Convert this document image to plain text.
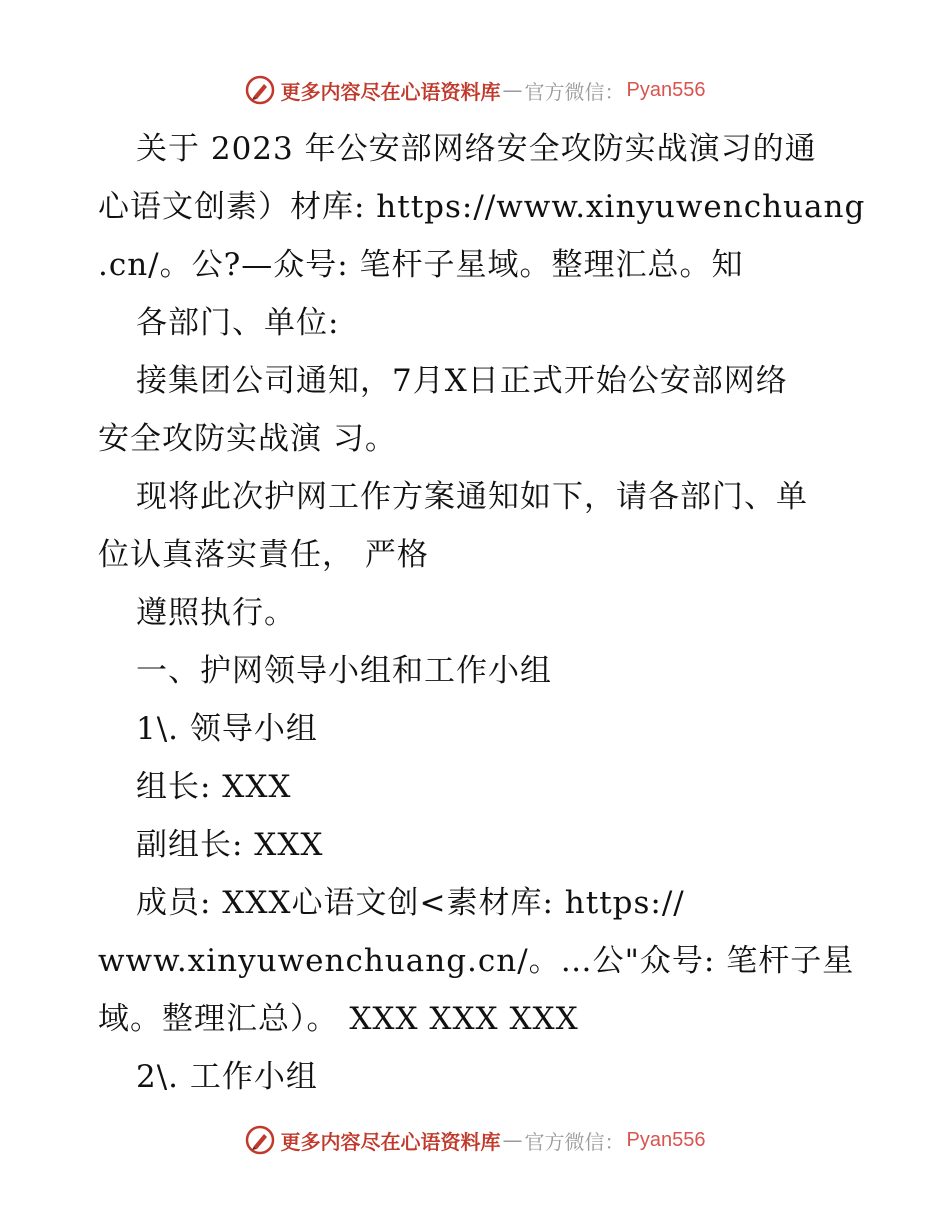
更多内容尽在心语资料库 — 官方微信： Pyan556
关于 2023 年公安部网络安全攻防实战演习的通
心语文创素）材库: https://www.xinyuwenchuang
.cn/。公?—众号: 笔杆子星域。整理汇总。知
各部门、单位:
接集团公司通知，7月X日正式开始公安部网络
安全攻防实战演 习。
现将此次护网工作方案通知如下，请各部门、单
位认真落实責任， 严格
遵照执行。
一、护网领导小组和工作小组
1\. 领导小组
组长: XXX
副组长: XXX
成员: XXX心语文创<素材库: https://
www.xinyuwenchuang.cn/。…公"众号: 笔杆子星
域。整理汇总）。 XXX XXX XXX
2\. 工作小组
更多内容尽在心语资料库 — 官方微信： Pyan556
